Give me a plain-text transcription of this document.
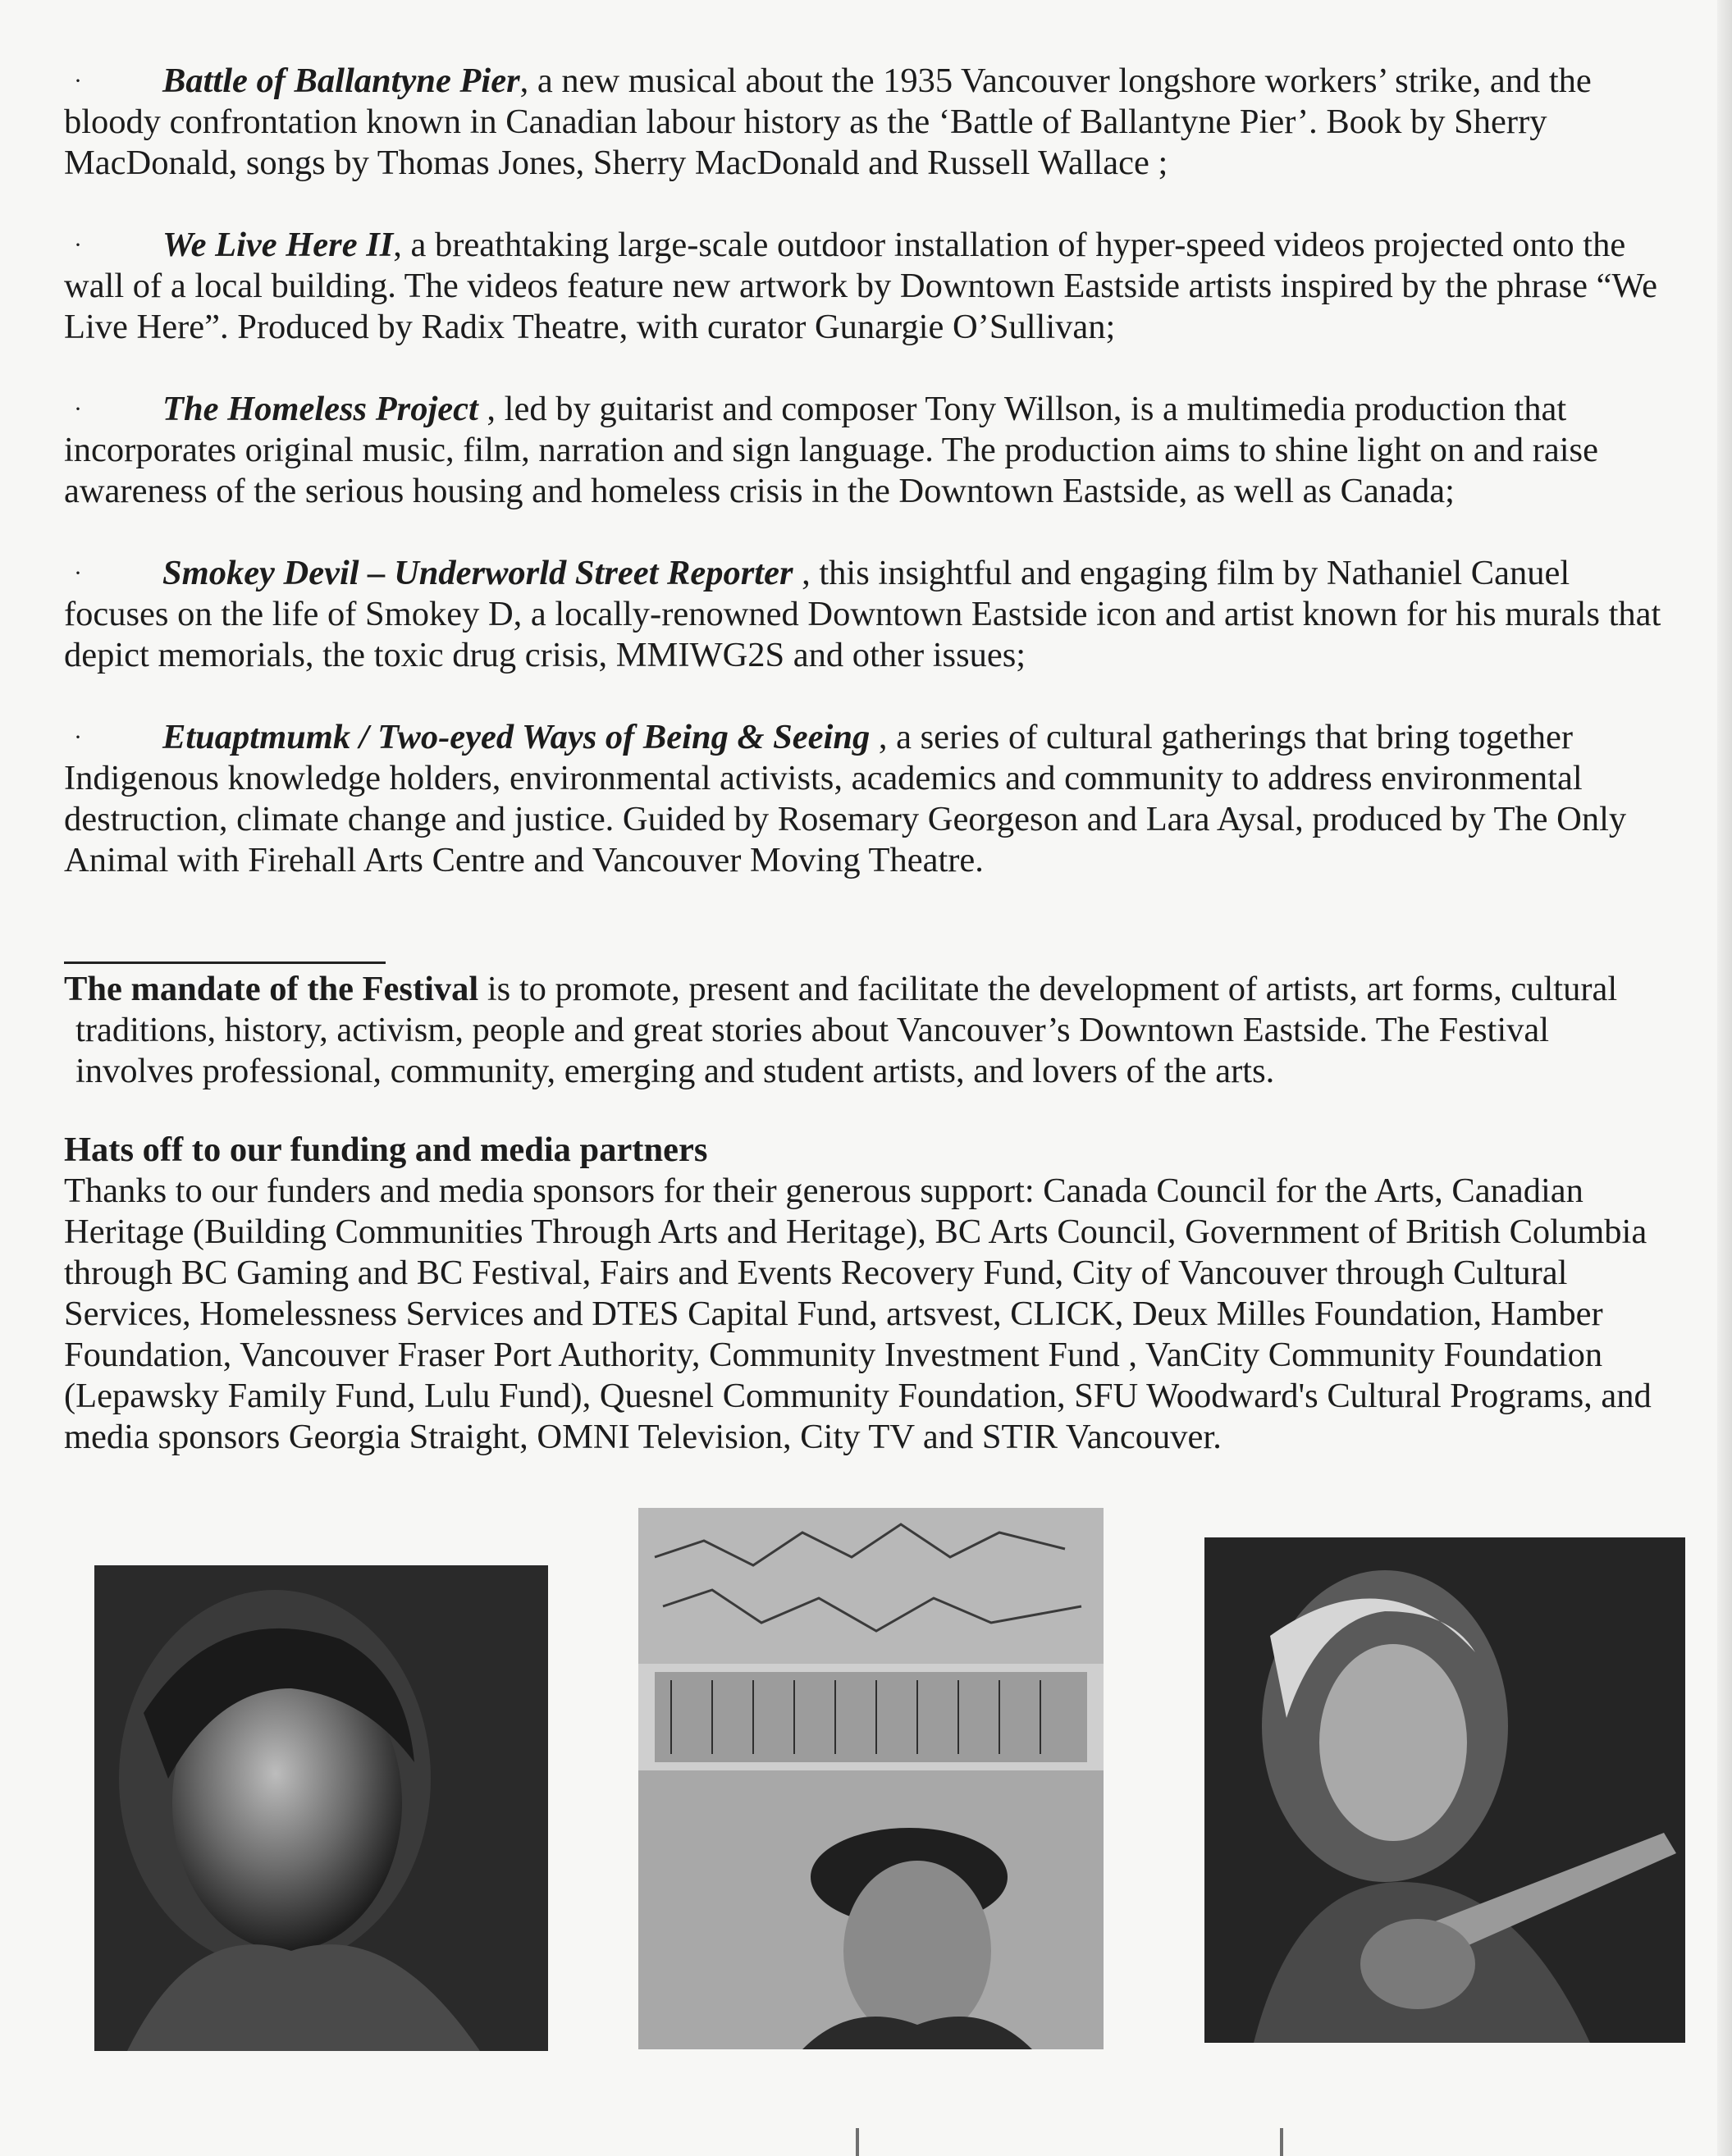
·	Battle of Ballantyne Pier, a new musical about the 1935 Vancouver longshore workers’ strike, and the bloody confrontation known in Canadian labour history as the ‘Battle of Ballantyne Pier’. Book by Sherry MacDonald, songs by Thomas Jones, Sherry MacDonald and Russell Wallace ;

·	We Live Here II, a breathtaking large-scale outdoor installation of hyper-speed videos projected onto the wall of a local building. The videos feature new artwork by Downtown Eastside artists inspired by the phrase “We Live Here”. Produced by Radix Theatre, with curator Gunargie O’Sullivan;

·	The Homeless Project , led by guitarist and composer Tony Willson, is a multimedia production that incorporates original music, film, narration and sign language. The production aims to shine light on and raise awareness of the serious housing and homeless crisis in the Downtown Eastside, as well as Canada;

·	Smokey Devil – Underworld Street Reporter , this insightful and engaging film by Nathaniel Canuel focuses on the life of Smokey D, a locally-renowned Downtown Eastside icon and artist known for his murals that depict memorials, the toxic drug crisis, MMIWG2S and other issues;

·	Etuaptmumk / Two-eyed Ways of Being & Seeing , a series of cultural gatherings that bring together Indigenous knowledge holders, environmental activists, academics and community to address environmental destruction, climate change and justice. Guided by Rosemary Georgeson and Lara Aysal, produced by The Only Animal with Firehall Arts Centre and Vancouver Moving Theatre.

The mandate of the Festival is to promote, present and facilitate the development of artists, art forms, cultural traditions, history, activism, people and great stories about Vancouver’s Downtown Eastside. The Festival involves professional, community, emerging and student artists, and lovers of the arts.

Hats off to our funding and media partners

Thanks to our funders and media sponsors for their generous support: Canada Council for the Arts, Canadian Heritage (Building Communities Through Arts and Heritage), BC Arts Council, Government of British Columbia through BC Gaming and BC Festival, Fairs and Events Recovery Fund, City of Vancouver through Cultural Services, Homelessness Services and DTES Capital Fund, artsvest, CLICK, Deux Milles Foundation, Hamber Foundation, Vancouver Fraser Port Authority, Community Investment Fund , VanCity Community Foundation (Lepawsky Family Fund, Lulu Fund), Quesnel Community Foundation, SFU Woodward's Cultural Programs, and media sponsors Georgia Straight, OMNI Television, City TV and STIR Vancouver.
